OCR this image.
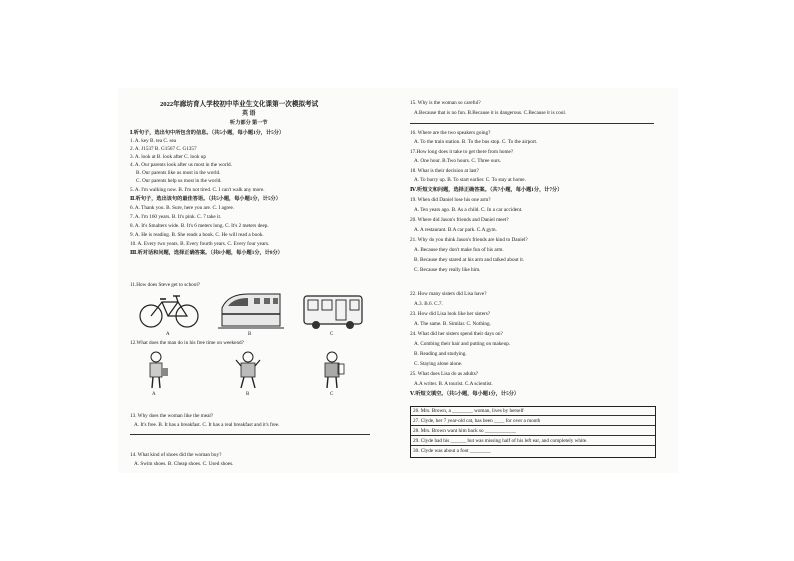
2022年廊坊育人学校初中毕业生文化课第一次模拟考试
英 语
听力部分 第一节
Ⅰ.听句子，选出句中所包含的信息。（共5小题，每小题1分，计5分）
1. A. key B. tea C. sea
2. A. J1537 B. G1567 C. G1357
3. A. look at B. look after C. look up
4. A. Our parents look after us most in the world.
B. Our parents like us most in the world.
C. Our parents help us most in the world.
5. A. I'm walking now. B. I'm not tired. C. I can't walk any more.
Ⅱ.听句子，选出该句的最佳答语。（共5小题，每小题1分，计5分）
6. A. Thank you. B. Sure, here you are. C. I agree.
7. A. I'm 160 years. B. It's pink. C. 7 take it.
8. A. It's Smalters wide. B. It's 6 meters long. C. It's 2 meters deep.
9. A. He is reading. B. She reads a book. C. He will read a book.
10. A. Every two years. B. Every fourth years. C. Every four years.
Ⅲ.听对话和问题，选择正确答案。（共8小题，每小题1分，计8分）
11.How does Steve get to school?
A	B	C
12.What does the man do in his free time on weekend?
A	B	C
13. Why does the woman like the meal?
A. It's free. B. It has a breakfast. C. It has a real breakfast and it's free.
14. What kind of shoes did the woman buy?
A. Swim shoes. B. Cheap shoes. C. Used shoes.
15. Why is the woman so careful?
A.Because that is no fun. B.Because it is dangerous. C.Because it is cool.
16. Where are the two speakers going?
A. To the train station. B. To the bus stop. C. To the airport.
17.How long does it take to get there from home?
A. One hour. B.Two hours. C. Three ours.
18. What is their decision at last?
A. To hurry up. B. To start earlier. C. To stay at home.
Ⅳ.听短文和问题，选择正确答案。（共7小题，每小题1分，计7分）
19. When did Daniel lose his one arm?
A. Ten years ago. B. As a child. C. In a car accident.
20. Where did Jason's friends and Daniel meet?
A. A restaurant. B.A car park. C.A gym.
21. Why do you think Jason's friends are kind to Daniel?
A. Because they don't make fun of his arm.
B. Because they stared at his arm and talked about it.
C. Because they really like him.
22. How many sisters did Lisa have?
A.3. B.6. C.7.
23. How did Lisa look like her sisters?
A. The same. B. Similar. C. Nothing.
24. What did her sisters spend their days on?
A. Combing their hair and putting on makeup.
B. Reading and studying.
C. Staying alone alone.
25. What does Lisa do as adults?
A.A writer. B. A tourist. C.A scientist.
Ⅴ.听短文填空。（共5小题，每小题1分，计5分）
26. Mrs. Brown, a ________ woman, lives by herself
27. Clyde, her 7 year-old cat, has been ____ for over a month
28. Mrs. Brown want him back so ____________
29. Clyde had his ______ but was missing half of his left ear, and completely white.
30. Clyde was about a foot ________
